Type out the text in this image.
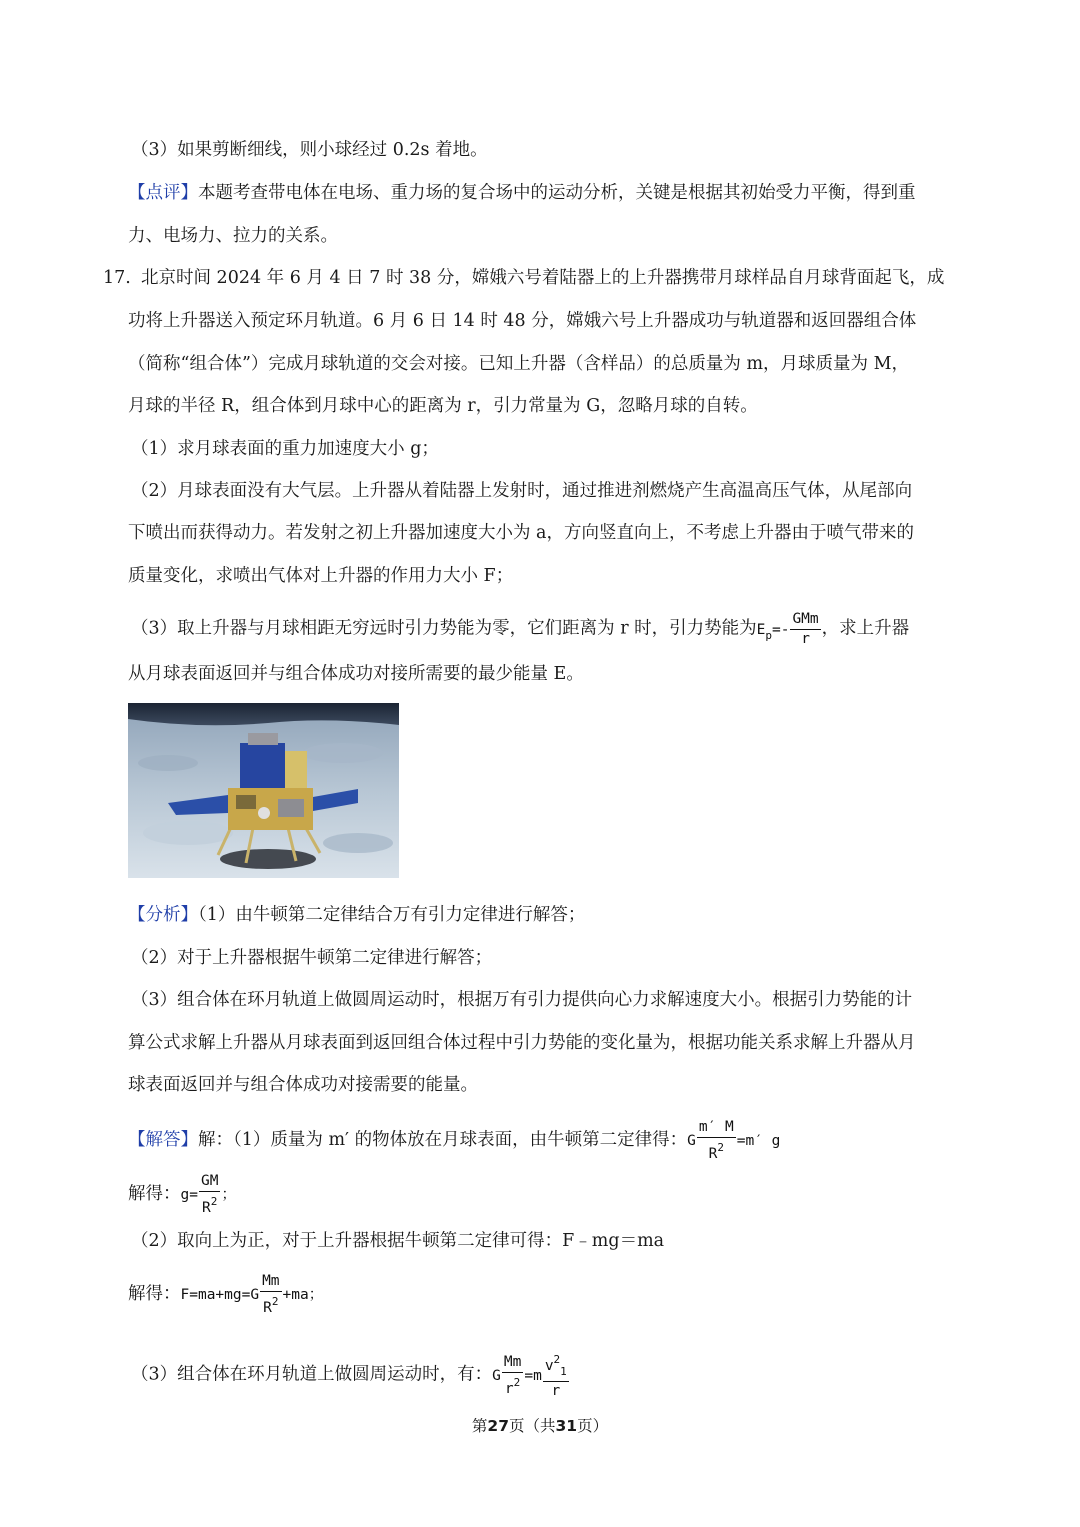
（3）如果剪断细线，则小球经过 0.2s 着地。
【点评】本题考查带电体在电场、重力场的复合场中的运动分析，关键是根据其初始受力平衡，得到重
力、电场力、拉力的关系。
17. 北京时间 2024 年 6 月 4 日 7 时 38 分，嫦娥六号着陆器上的上升器携带月球样品自月球背面起飞，成
功将上升器送入预定环月轨道。6 月 6 日 14 时 48 分，嫦娥六号上升器成功与轨道器和返回器组合体
（简称“组合体”）完成月球轨道的交会对接。已知上升器（含样品）的总质量为 m，月球质量为 M，
月球的半径 R，组合体到月球中心的距离为 r，引力常量为 G，忽略月球的自转。
（1）求月球表面的重力加速度大小 g；
（2）月球表面没有大气层。上升器从着陆器上发射时，通过推进剂燃烧产生高温高压气体，从尾部向
下喷出而获得动力。若发射之初上升器加速度大小为 a，方向竖直向上，不考虑上升器由于喷气带来的
质量变化，求喷出气体对上升器的作用力大小 F；
（3）取上升器与月球相距无穷远时引力势能为零，它们距离为 r 时，引力势能为$E_p=- \frac{\text{GMm}}{r}$ ，求上升器
从月球表面返回并与组合体成功对接所需要的最少能量 E。
【分析】（1）由牛顿第二定律结合万有引力定律进行解答；
（2）对于上升器根据牛顿第二定律进行解答；
（3）组合体在环月轨道上做圆周运动时，根据万有引力提供向心力求解速度大小。根据引力势能的计
算公式求解上升器从月球表面到返回组合体过程中引力势能的变化量为，根据功能关系求解上升器从月
球表面返回并与组合体成功对接需要的能量。
【解答】解：（1）质量为 m′ 的物体放在月球表面，由牛顿第二定律得：G $\frac{m' M}{R^2} =m'$ g
解得：$g= \frac{GM}{R^2}$ ；
（2）取向上为正，对于上升器根据牛顿第二定律可得：F﹣mg＝ma
解得：$F=ma+mg=G \frac{Mm}{R^2} +ma$；
（3）组合体在环月轨道上做圆周运动时，有：G $\frac{Mm}{r^2} =m \frac{v^2_1}{r}$
第27页（共31页）
